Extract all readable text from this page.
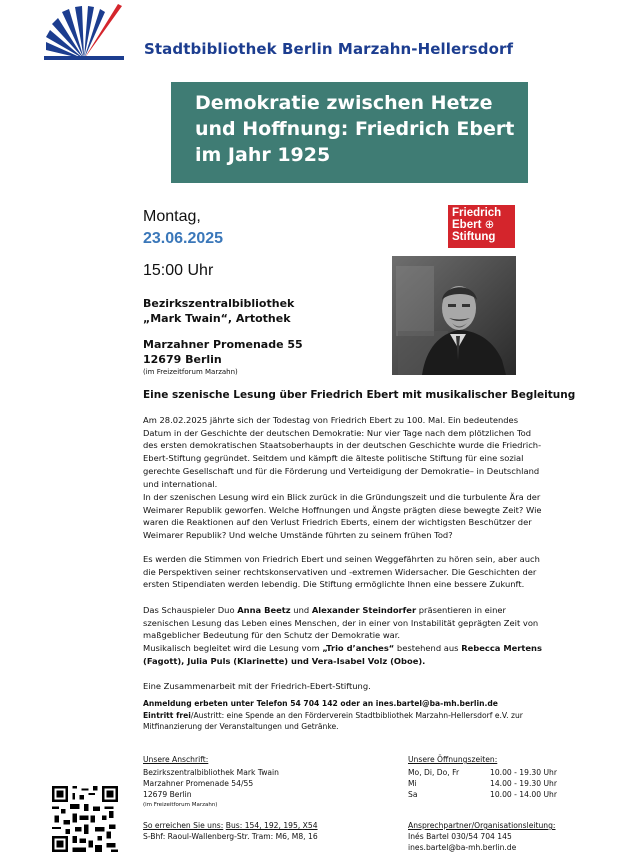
Stadtbibliothek Berlin Marzahn-Hellersdorf
Demokratie zwischen Hetze und Hoffnung: Friedrich Ebert im Jahr 1925
Montag,
23.06.2025
15:00 Uhr
Bezirkszentralbibliothek
„Mark Twain“, Artothek
Marzahner Promenade 55
12679 Berlin
(im Freizeitforum Marzahn)
Friedrich
Ebert ⊕
Stiftung
Eine szenische Lesung über Friedrich Ebert mit musikalischer Begleitung

Am 28.02.2025 jährte sich der Todestag von Friedrich Ebert zu 100. Mal. Ein bedeutendes Datum in der Geschichte der deutschen Demokratie: Nur vier Tage nach dem plötzlichen Tod des ersten demokratischen Staatsoberhaupts in der deutschen Geschichte wurde die Friedrich-Ebert-Stiftung gegründet. Seitdem und kämpft die älteste politische Stiftung für eine sozial gerechte Gesellschaft und für die Förderung und Verteidigung der Demokratie– in Deutschland und international.

In der szenischen Lesung wird ein Blick zurück in die Gründungszeit und die turbulente Ära der Weimarer Republik geworfen. Welche Hoffnungen und Ängste prägten diese bewegte Zeit? Wie waren die Reaktionen auf den Verlust Friedrich Eberts, einem der wichtigsten Beschützer der Weimarer Republik? Und welche Umstände führten zu seinem frühen Tod?

Es werden die Stimmen von Friedrich Ebert und seinen Weggefährten zu hören sein, aber auch die Perspektiven seiner rechtskonservativen und -extremen Widersacher. Die Geschichten der ersten Stipendiaten werden lebendig. Die Stiftung ermöglichte Ihnen eine bessere Zukunft.

Das Schauspieler Duo Anna Beetz und Alexander Steindorfer präsentieren in einer szenischen Lesung das Leben eines Menschen, der in einer von Instabilität geprägten Zeit von maßgeblicher Bedeutung für den Schutz der Demokratie war.
Musikalisch begleitet wird die Lesung vom „Trio d’anches“ bestehend aus Rebecca Mertens (Fagott), Julia Puls (Klarinette) und Vera-Isabel Volz (Oboe).

Eine Zusammenarbeit mit der Friedrich-Ebert-Stiftung.

Anmeldung erbeten unter Telefon 54 704 142 oder an ines.bartel@ba-mh.berlin.de

Eintritt frei/Austritt: eine Spende an den Förderverein Stadtbibliothek Marzahn-Hellersdorf e.V. zur Mitfinanzierung der Veranstaltungen und Getränke.

Unsere Anschrift:

Bezirkszentralbibliothek Mark Twain

Marzahner Promenade 54/55

12679 Berlin

(im Freizeitforum Marzahn)

So erreichen Sie uns: Bus: 154, 192, 195, X54

S-Bhf: Raoul-Wallenberg-Str. Tram: M6, M8, 16

Unsere Öffnungszeiten:

Mo, Di, Do, Fr	10.00 - 19.30 Uhr
Mi	14.00 - 19.30 Uhr
Sa	10.00 - 14.00 Uhr

Ansprechpartner/Organisationsleitung:

Inés Bartel 030/54 704 145

ines.bartel@ba-mh.berlin.de
